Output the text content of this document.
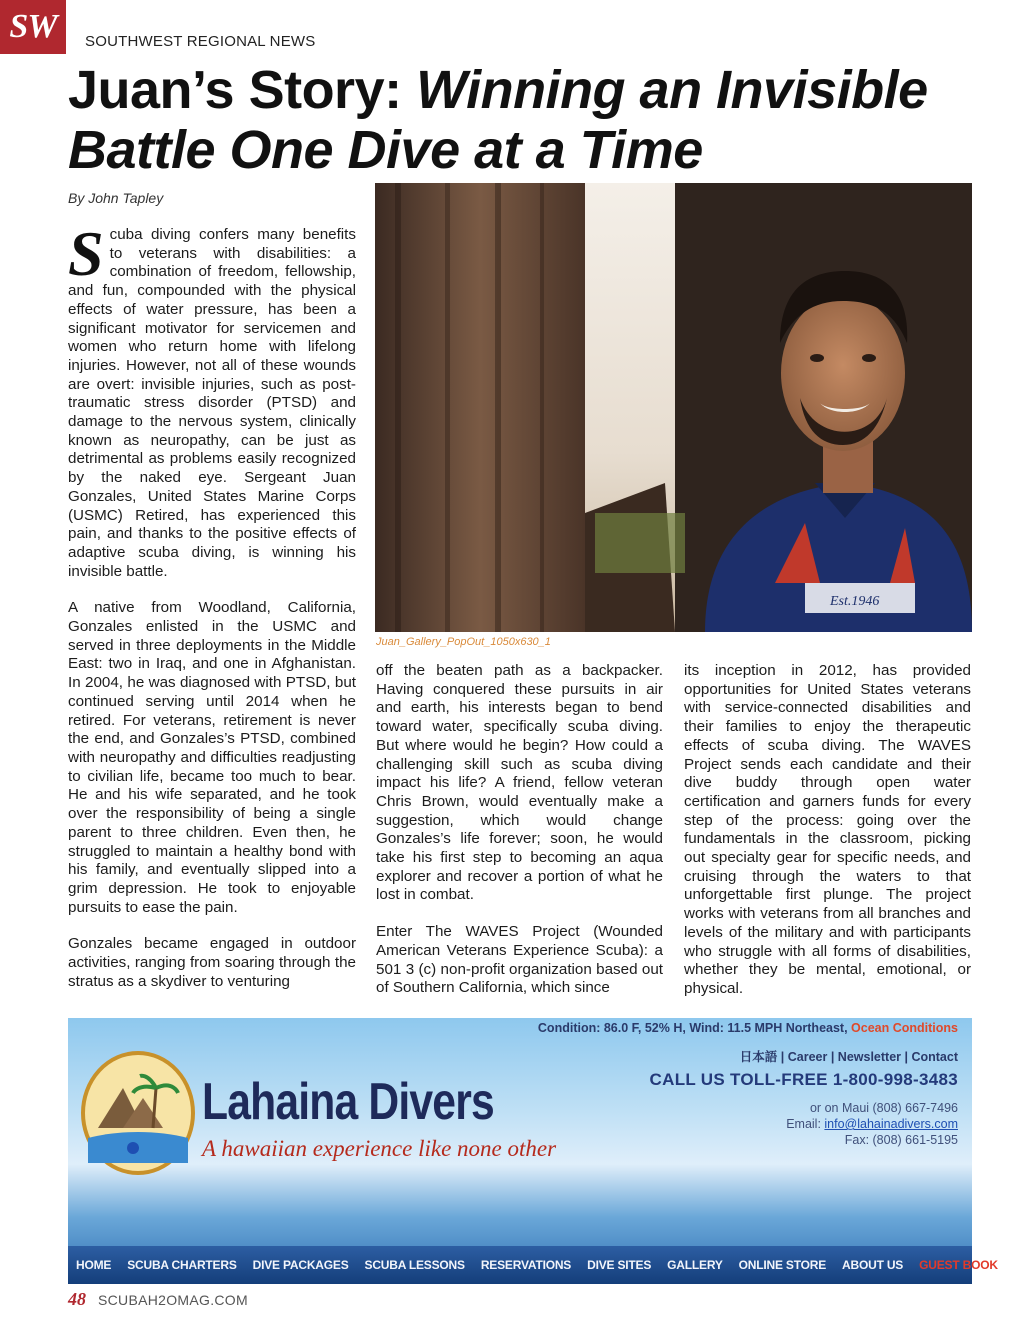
SW	SOUTHWEST REGIONAL NEWS
Juan’s Story: Winning an Invisible Battle One Dive at a Time
By John Tapley

Scuba diving confers many benefits to veterans with disabilities: a combination of freedom, fellowship, and fun, compounded with the physical effects of water pressure, has been a significant motivator for servicemen and women who return home with lifelong injuries. However, not all of these wounds are overt: invisible injuries, such as post-traumatic stress disorder (PTSD) and damage to the nervous system, clinically known as neuropathy, can be just as detrimental as problems easily recognized by the naked eye. Sergeant Juan Gonzales, United States Marine Corps (USMC) Retired, has experienced this pain, and thanks to the positive effects of adaptive scuba diving, is winning his invisible battle.

A native from Woodland, California, Gonzales enlisted in the USMC and served in three deployments in the Middle East: two in Iraq, and one in Afghanistan. In 2004, he was diagnosed with PTSD, but continued serving until 2014 when he retired. For veterans, retirement is never the end, and Gonzales’s PTSD, combined with neuropathy and difficulties readjusting to civilian life, became too much to bear. He and his wife separated, and he took over the responsibility of being a single parent to three children. Even then, he struggled to maintain a healthy bond with his family, and eventually slipped into a grim depression. He took to enjoyable pursuits to ease the pain.

Gonzales became engaged in outdoor activities, ranging from soaring through the stratus as a skydiver to venturing

Est.1946
Juan_Gallery_PopOut_1050x630_1

off the beaten path as a backpacker. Having conquered these pursuits in air and earth, his interests began to bend toward water, specifically scuba diving. But where would he begin? How could a challenging skill such as scuba diving impact his life? A friend, fellow veteran Chris Brown, would eventually make a suggestion, which would change Gonzales’s life forever; soon, he would take his first step to becoming an aqua explorer and recover a portion of what he lost in combat.

Enter The WAVES Project (Wounded American Veterans Experience Scuba): a 501 3 (c) non-profit organization based out of Southern California, which since

its inception in 2012, has provided opportunities for United States veterans with service-connected disabilities and their families to enjoy the therapeutic effects of scuba diving. The WAVES Project sends each candidate and their dive buddy through open water certification and garners funds for every step of the process: going over the fundamentals in the classroom, picking out specialty gear for specific needs, and cruising through the waters to that unforgettable first plunge. The project works with veterans from all branches and levels of the military and with participants who struggle with all forms of disabilities, whether they be mental, emotional, or physical.

Lahaina Divers
A hawaiian experience like none other
Condition: 86.0 F, 52% H, Wind: 11.5 MPH Northeast, Ocean Conditions
日本語 | Career | Newsletter | Contact
CALL US TOLL-FREE 1-800-998-3483
or on Maui (808) 667-7496
Email: info@lahainadivers.com
Fax: (808) 661-5195
HOME SCUBA CHARTERS DIVE PACKAGES SCUBA LESSONS RESERVATIONS DIVE SITES GALLERY ONLINE STORE ABOUT US GUEST BOOK
48 SCUBAH2OMAG.COM
